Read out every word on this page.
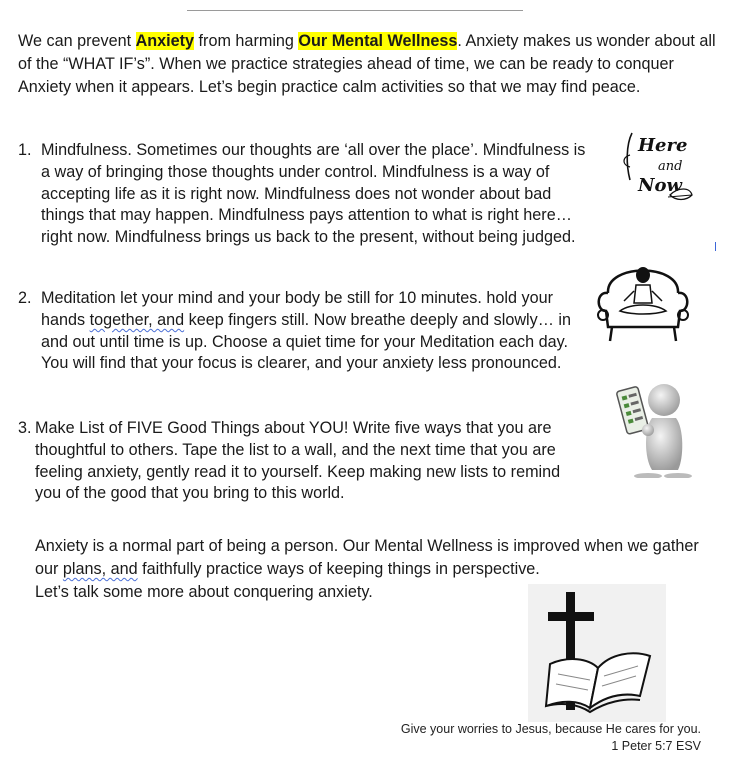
We can prevent Anxiety from harming Our Mental Wellness. Anxiety makes us wonder about all of the “WHAT IF’s”. When we practice strategies ahead of time, we can be ready to conquer Anxiety when it appears. Let’s begin practice calm activities so that we may find peace.

1. Mindfulness. Sometimes our thoughts are ‘all over the place’. Mindfulness is a way of bringing those thoughts under control. Mindfulness is a way of accepting life as it is right now. Mindfulness does not wonder about bad things that may happen. Mindfulness pays attention to what is right here… right now. Mindfulness brings us back to the present, without being judged.
2. Meditation let your mind and your body be still for 10 minutes. hold your hands together, and keep fingers still. Now breathe deeply and slowly… in and out until time is up. Choose a quiet time for your Meditation each day. You will find that your focus is clearer, and your anxiety less pronounced.
3. Make List of FIVE Good Things about YOU! Write five ways that you are thoughtful to others. Tape the list to a wall, and the next time that you are feeling anxiety, gently read it to yourself. Keep making new lists to remind you of the good that you bring to this world.
Anxiety is a normal part of being a person. Our Mental Wellness is improved when we gather our plans, and faithfully practice ways of keeping things in perspective.
Let’s talk some more about conquering anxiety.
Here
and
Now
Give your worries to Jesus, because He cares for you.
1 Peter 5:7 ESV
